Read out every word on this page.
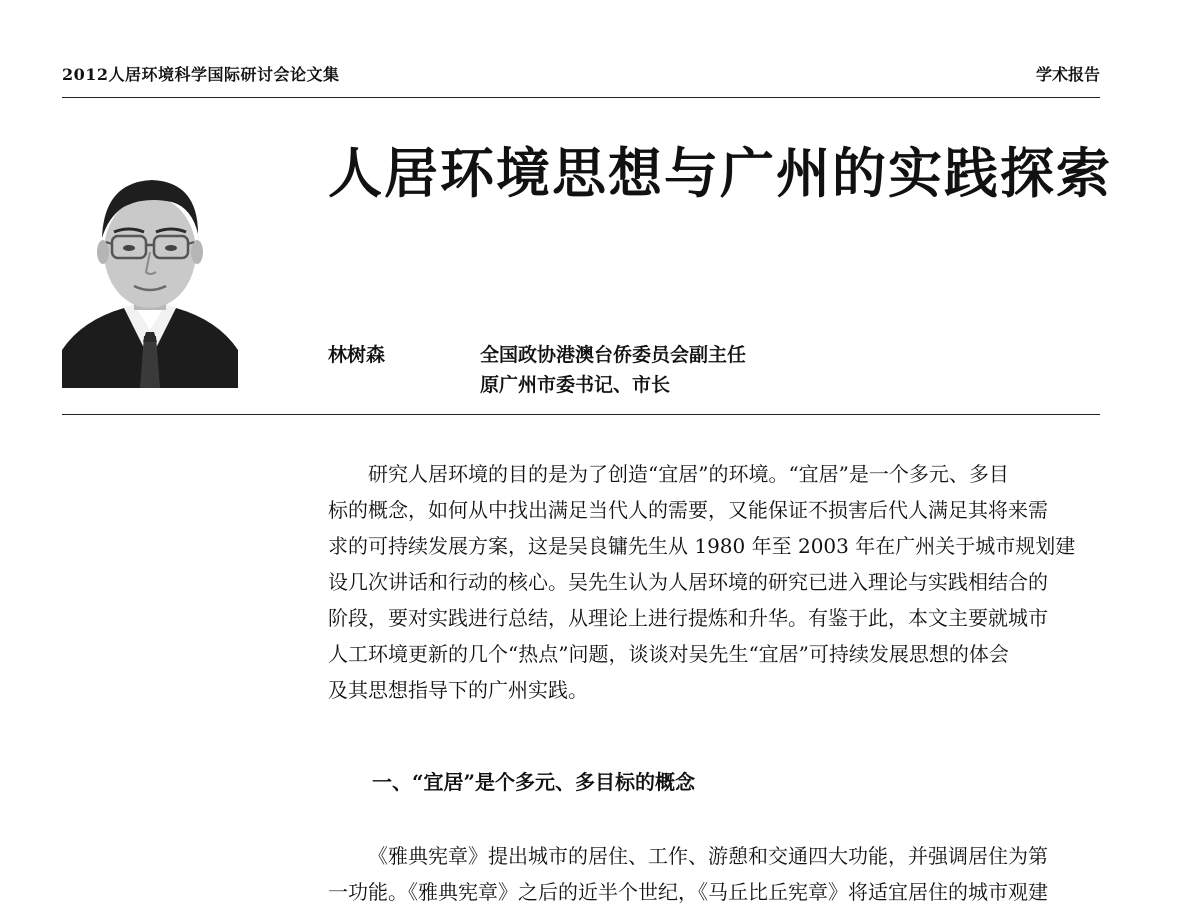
2012人居环境科学国际研讨会论文集	学术报告
人居环境思想与广州的实践探索
林树森	全国政协港澳台侨委员会副主任
原广州市委书记、市长
研究人居环境的目的是为了创造“宜居”的环境。“宜居”是一个多元、多目
标的概念，如何从中找出满足当代人的需要，又能保证不损害后代人满足其将来需
求的可持续发展方案，这是吴良镛先生从 1980 年至 2003 年在广州关于城市规划建
设几次讲话和行动的核心。吴先生认为人居环境的研究已进入理论与实践相结合的
阶段，要对实践进行总结，从理论上进行提炼和升华。有鉴于此，本文主要就城市
人工环境更新的几个“热点”问题，谈谈对吴先生“宜居”可持续发展思想的体会
及其思想指导下的广州实践。
一、“宜居”是个多元、多目标的概念
《雅典宪章》提出城市的居住、工作、游憩和交通四大功能，并强调居住为第
一功能。《雅典宪章》之后的近半个世纪，《马丘比丘宪章》将适宜居住的城市观建
